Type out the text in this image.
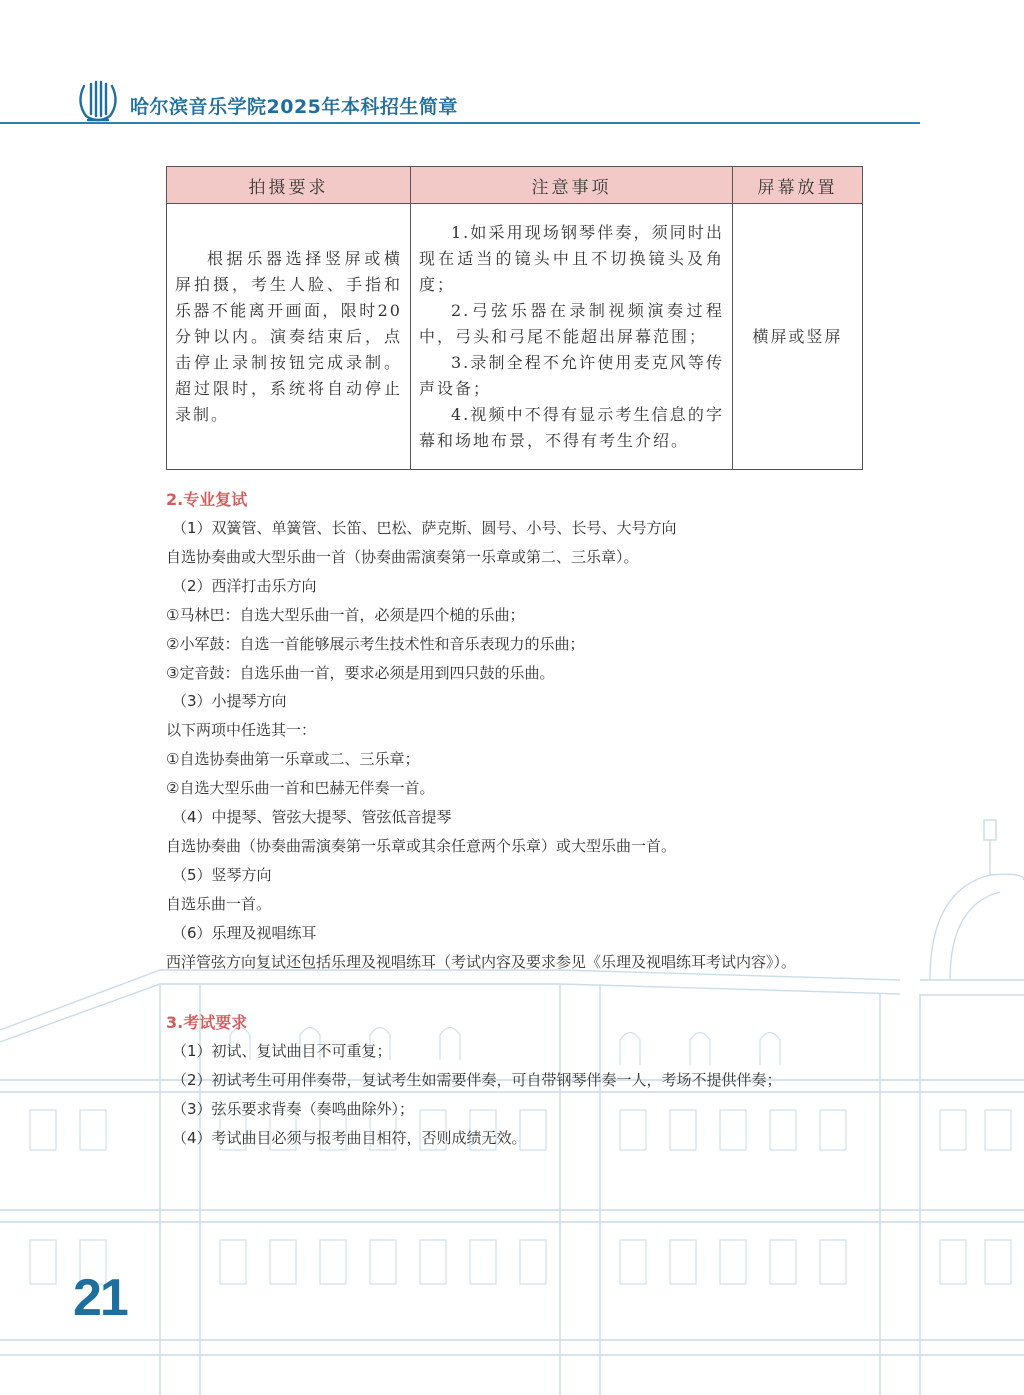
哈尔滨音乐学院2025年本科招生简章
拍摄要求	注意事项	屏幕放置

根据乐器选择竖屏或横屏拍摄，考生人脸、手指和乐器不能离开画面，限时20分钟以内。演奏结束后，点击停止录制按钮完成录制。超过限时，系统将自动停止录制。	1.如采用现场钢琴伴奏，须同时出现在适当的镜头中且不切换镜头及角度；

2.弓弦乐器在录制视频演奏过程中，弓头和弓尾不能超出屏幕范围；

3.录制全程不允许使用麦克风等传声设备；

4.视频中不得有显示考生信息的字幕和场地布景，不得有考生介绍。	横屏或竖屏

2.专业复试

（1）双簧管、单簧管、长笛、巴松、萨克斯、圆号、小号、长号、大号方向

自选协奏曲或大型乐曲一首（协奏曲需演奏第一乐章或第二、三乐章）。

（2）西洋打击乐方向

①马林巴：自选大型乐曲一首，必须是四个槌的乐曲；

②小军鼓：自选一首能够展示考生技术性和音乐表现力的乐曲；

③定音鼓：自选乐曲一首，要求必须是用到四只鼓的乐曲。

（3）小提琴方向

以下两项中任选其一：

①自选协奏曲第一乐章或二、三乐章；

②自选大型乐曲一首和巴赫无伴奏一首。

（4）中提琴、管弦大提琴、管弦低音提琴

自选协奏曲（协奏曲需演奏第一乐章或其余任意两个乐章）或大型乐曲一首。

（5）竖琴方向

自选乐曲一首。

（6）乐理及视唱练耳

西洋管弦方向复试还包括乐理及视唱练耳（考试内容及要求参见《乐理及视唱练耳考试内容》）。

3.考试要求

（1）初试、复试曲目不可重复；

（2）初试考生可用伴奏带，复试考生如需要伴奏，可自带钢琴伴奏一人，考场不提供伴奏；

（3）弦乐要求背奏（奏鸣曲除外）；

（4）考试曲目必须与报考曲目相符，否则成绩无效。

21
